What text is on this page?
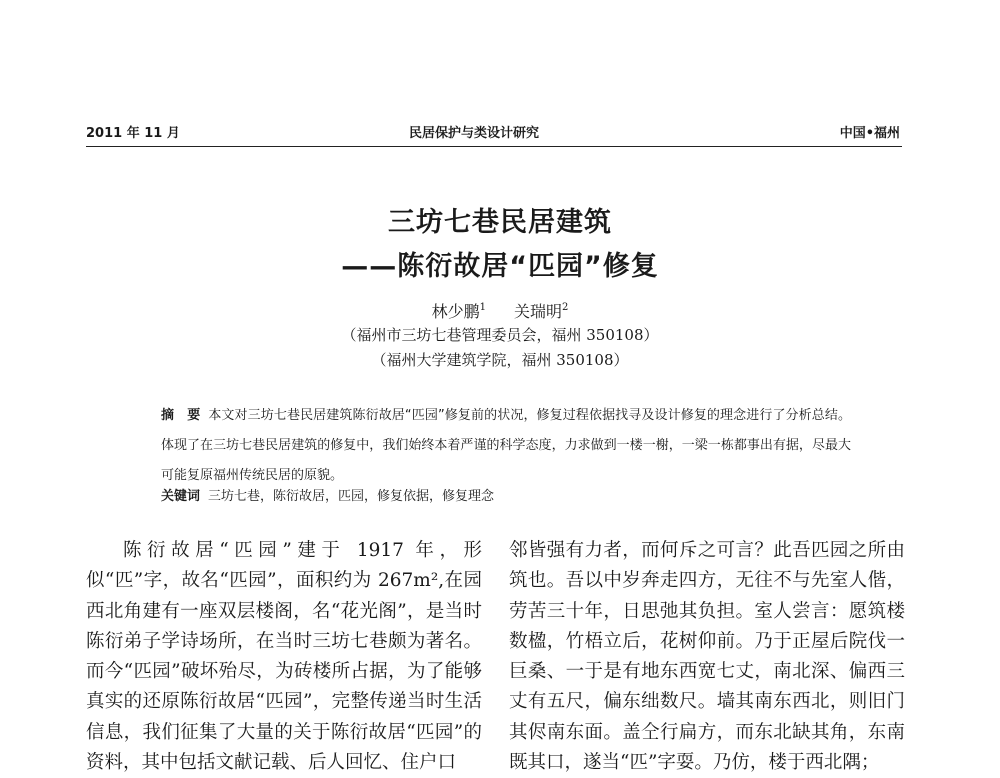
2011 年 11 月	民居保护与类设计研究	中国•福州
三坊七巷民居建筑
——陈衍故居“匹园”修复
林少鹏$^1$ 关瑞明$^2$
（福州市三坊七巷管理委员会，福州 350108）
（福州大学建筑学院，福州 350108）
摘　要 本文对三坊七巷民居建筑陈衍故居“匹园”修复前的状况，修复过程依据找寻及设计修复的理念进行了分析总结。体现了在三坊七巷民居建筑的修复中，我们始终本着严谨的科学态度，力求做到一楼一榭，一梁一栋都事出有据，尽最大可能复原福州传统民居的原貌。
关键词 三坊七巷，陈衍故居，匹园，修复依据，修复理念

陈衍故居“匹园”建于 1917 年，形似“匹”字，故名“匹园”，面积约为 267m²,在园西北角建有一座双层楼阁，名“花光阁”，是当时陈衍弟子学诗场所，在当时三坊七巷颇为著名。而今“匹园”破坏殆尽，为砖楼所占据，为了能够真实的还原陈衍故居“匹园”，完整传递当时生活信息，我们征集了大量的关于陈衍故居“匹园”的资料，其中包括文献记载、后人回忆、住户口

邻皆强有力者，而何斥之可言？此吾匹园之所由筑也。吾以中岁奔走四方，无往不与先室人偕，劳苦三十年，日思弛其负担。室人尝言：愿筑楼数楹，竹梧立后，花树仰前。乃于正屋后院伐一巨桑、一于是有地东西宽七丈，南北深、偏西三丈有五尺，偏东绌数尺。墙其南东西北，则旧门其侭南东面。盖仝行扁方，而东北缺其角，东南既其口，遂当“匹”字耍。乃仿，楼于西北隅；
